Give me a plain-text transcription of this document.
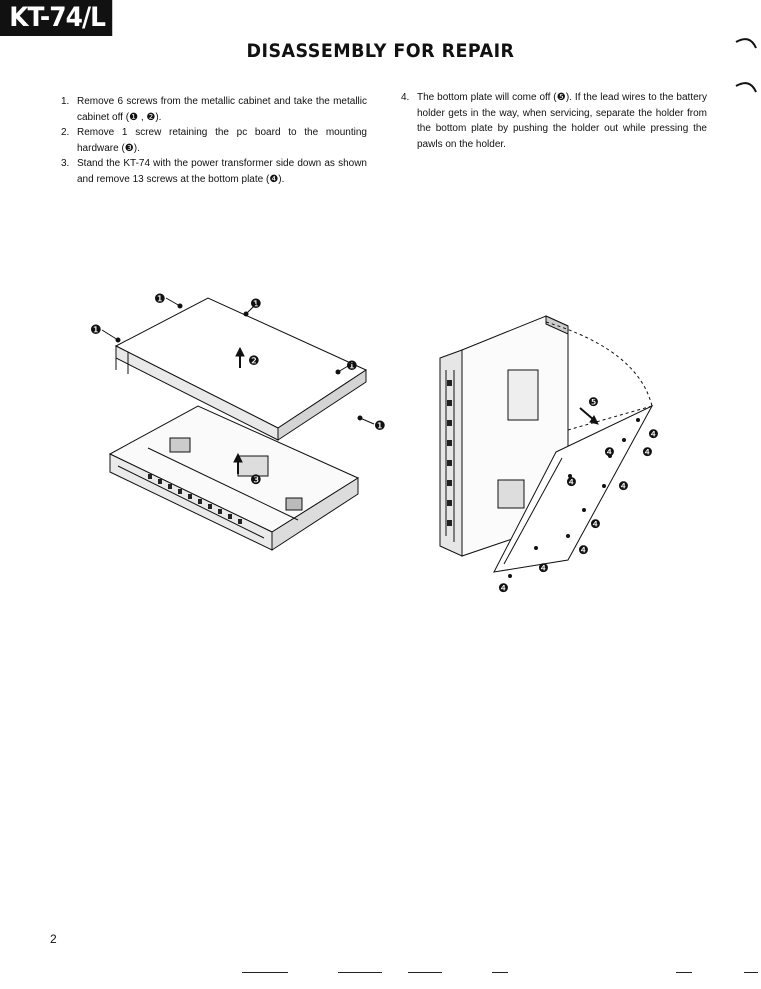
KT-74/L
DISASSEMBLY FOR REPAIR
1. Remove 6 screws from the metallic cabinet and take the metallic cabinet off (❶ , ❷).
2. Remove 1 screw retaining the pc board to the mounting hardware (❸).
3. Stand the KT-74 with the power transformer side down as shown and remove 13 screws at the bottom plate (❹).
4. The bottom plate will come off (❺). If the lead wires to the battery holder gets in the way, when servicing, separate the holder from the bottom plate by pushing the holder out while pressing the pawls on the holder.
❶	❶
❶
❶
❶
❷
❸
❺
❹
❹
❹
❹
❹
❹
❹
❹
❹
2
